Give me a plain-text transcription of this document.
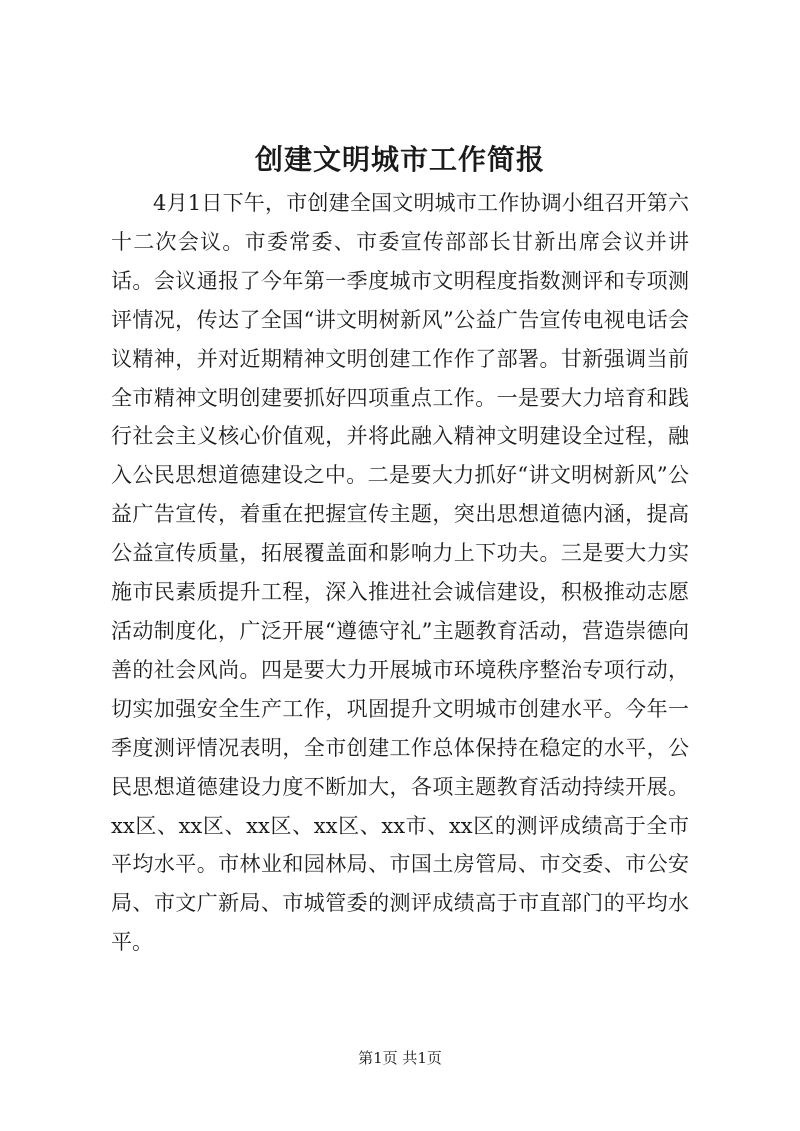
创建文明城市工作简报

4月1日下午，市创建全国文明城市工作协调小组召开第六十二次会议。市委常委、市委宣传部部长甘新出席会议并讲话。会议通报了今年第一季度城市文明程度指数测评和专项测评情况，传达了全国“讲文明树新风”公益广告宣传电视电话会议精神，并对近期精神文明创建工作作了部署。甘新强调当前全市精神文明创建要抓好四项重点工作。一是要大力培育和践行社会主义核心价值观，并将此融入精神文明建设全过程，融入公民思想道德建设之中。二是要大力抓好“讲文明树新风”公益广告宣传，着重在把握宣传主题，突出思想道德内涵，提高公益宣传质量，拓展覆盖面和影响力上下功夫。三是要大力实施市民素质提升工程，深入推进社会诚信建设，积极推动志愿活动制度化，广泛开展“遵德守礼”主题教育活动，营造崇德向善的社会风尚。四是要大力开展城市环境秩序整治专项行动，切实加强安全生产工作，巩固提升文明城市创建水平。今年一季度测评情况表明，全市创建工作总体保持在稳定的水平，公民思想道德建设力度不断加大，各项主题教育活动持续开展。xx区、xx区、xx区、xx区、xx市、xx区的测评成绩高于全市平均水平。市林业和园林局、市国土房管局、市交委、市公安局、市文广新局、市城管委的测评成绩高于市直部门的平均水平。

第1页 共1页
